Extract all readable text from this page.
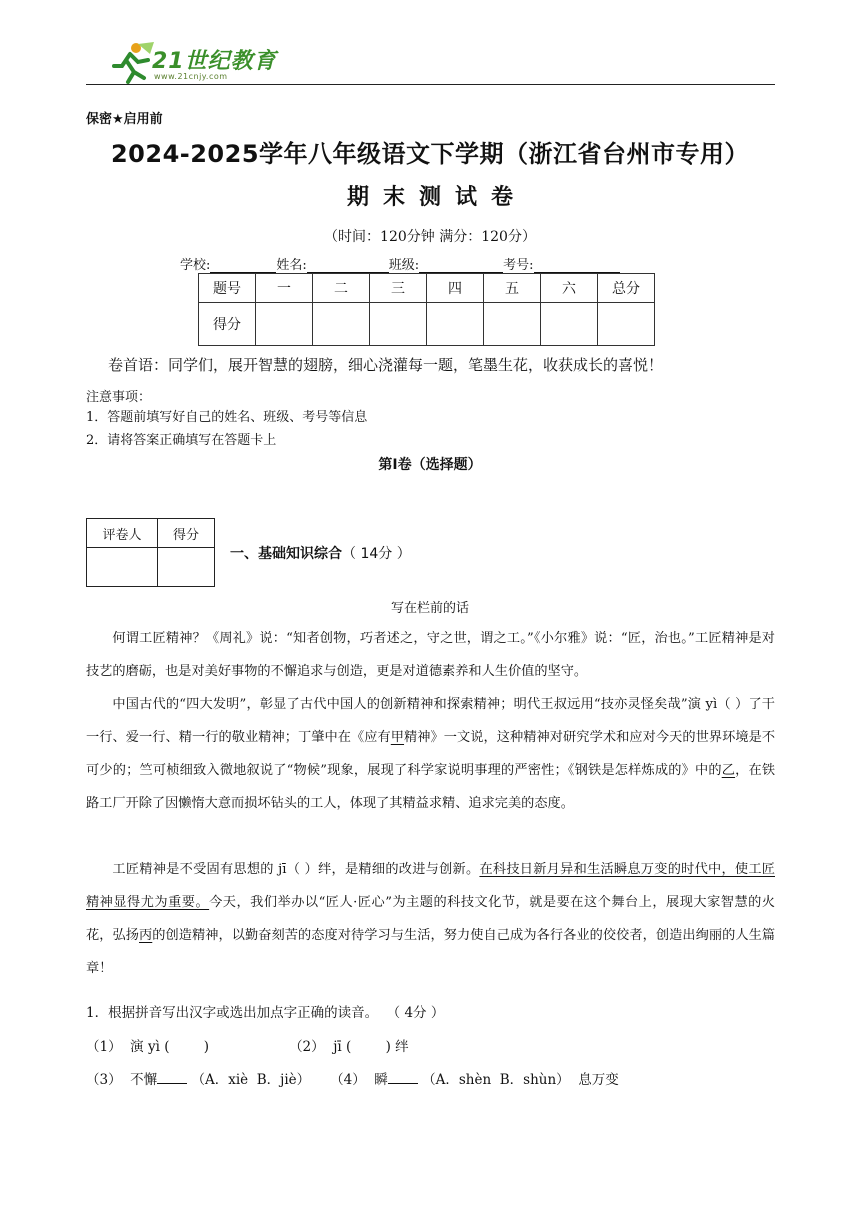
21世纪教育
www.21cnjy.com
保密★启用前
2024-2025学年八年级语文下学期（浙江省台州市专用）
期末测试卷
（时间：120分钟 满分：120分）
学校:	姓名:	班级:	考号:
题号	一	二	三	四	五	六	总分
得分							
卷首语：同学们，展开智慧的翅膀，细心浇灌每一题，笔墨生花，收获成长的喜悦！
注意事项：
1．答题前填写好自己的姓名、班级、考号等信息
2．请将答案正确填写在答题卡上
第Ⅰ卷（选择题）
评卷人	得分

一、基础知识综合（ 14分 ）
写在栏前的话
何谓工匠精神？《周礼》说：“知者创物，巧者述之，守之世，谓之工。”《小尔雅》说：“匠，治也。”工匠精神是对技艺的磨砺，也是对美好事物的不懈追求与创造，更是对道德素养和人生价值的坚守。
中国古代的“四大发明”，彰显了古代中国人的创新精神和探索精神；明代王叔远用“技亦灵怪矣哉”演 yì（ ）了干一行、爱一行、精一行的敬业精神；丁肇中在《应有甲精神》一文说，这种精神对研究学术和应对今天的世界环境是不可少的；竺可桢细致入微地叙说了“物候”现象，展现了科学家说明事理的严密性；《钢铁是怎样炼成的》中的乙，在铁路工厂开除了因懒惰大意而损坏钻头的工人，体现了其精益求精、追求完美的态度。
工匠精神是不受固有思想的 jī（ ）绊，是精细的改进与创新。在科技日新月异和生活瞬息万变的时代中，使工匠精神显得尤为重要。今天，我们举办以“匠人·匠心”为主题的科技文化节，就是要在这个舞台上，展现大家智慧的火花，弘扬丙的创造精神，以勤奋刻苦的态度对待学习与生活，努力使自己成为各行各业的佼佼者，创造出绚丽的人生篇章！
1．根据拼音写出汉字或选出加点字正确的读音。  （ 4分 ）
（1）  演 yì (        )	（2）  jī (        ) 绊
（3）  不懈 （A．xiè  B．jiè） （4）  瞬 （A．shèn  B．shùn）  息万变
